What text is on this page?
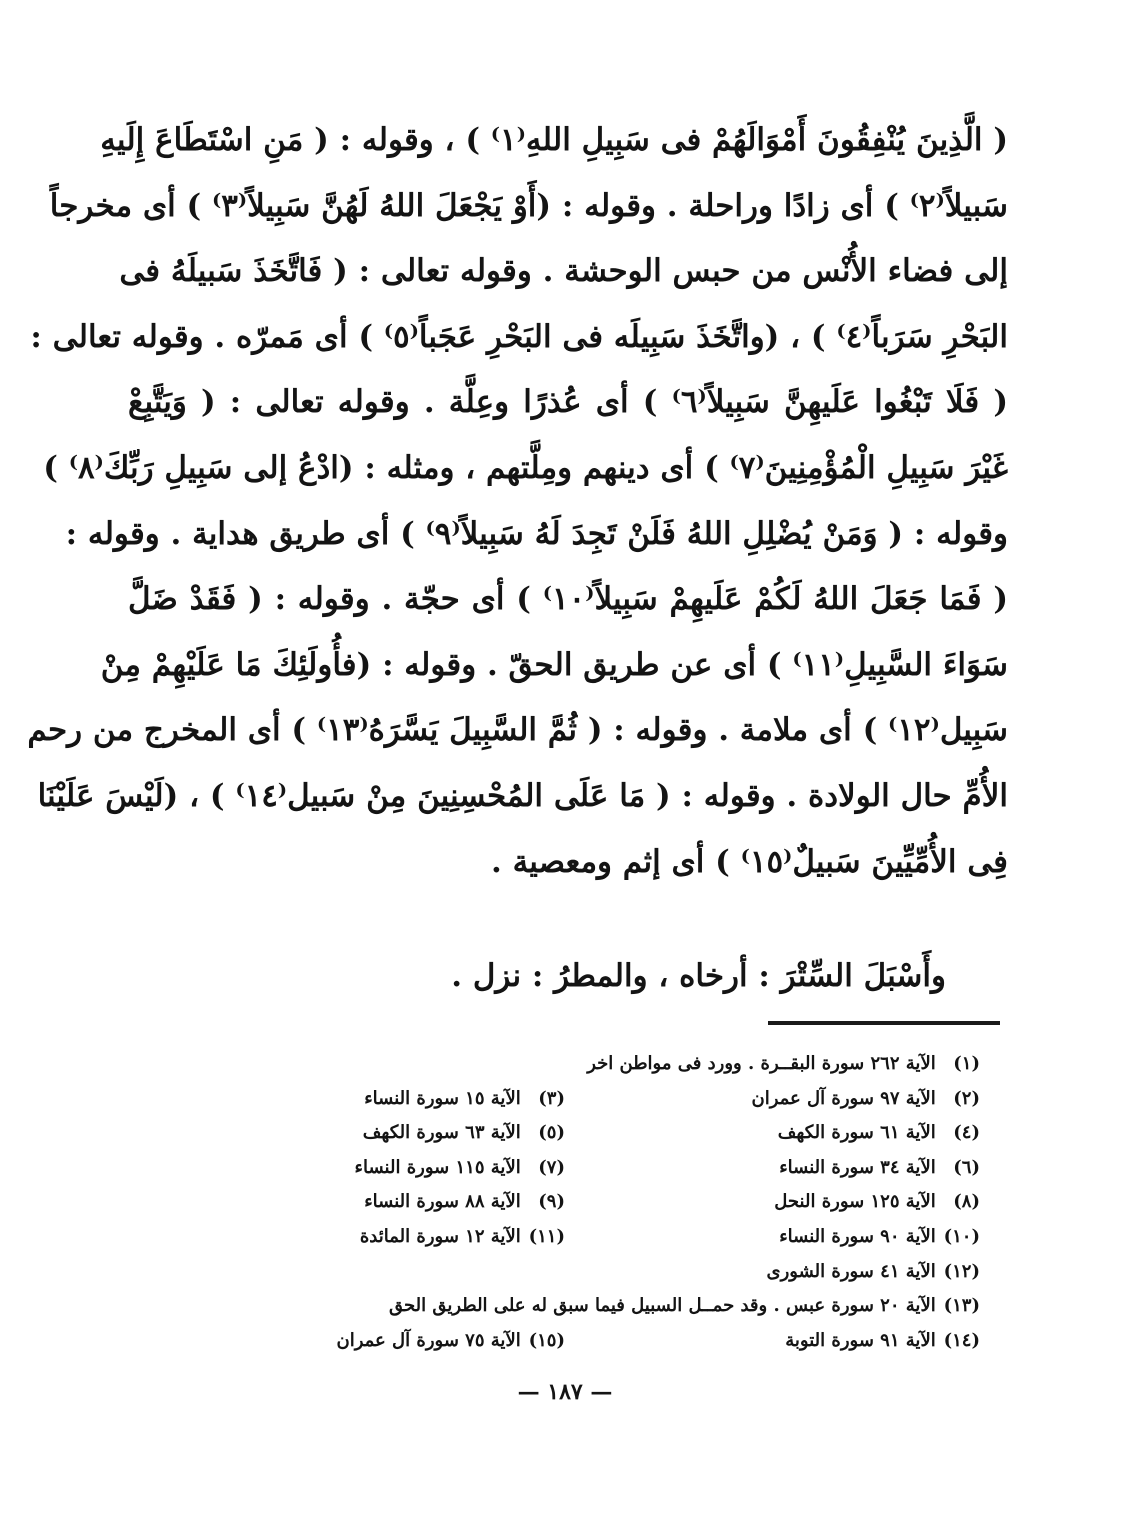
( الَّذِينَ يُنْفِقُونَ أَمْوَالَهُمْ فى سَبِيلِ اللهِ⁽١⁾ ) ، وقوله : ( مَنِ اسْتَطَاعَ إِلَيهِ
سَبيلاً⁽٢⁾ ) أى زادًا وراحلة . وقوله : (أَوْ يَجْعَلَ اللهُ لَهُنَّ سَبِيلاً⁽٣⁾ ) أى مخرجاً
إلى فضاء الأُنْس من حبس الوحشة . وقوله تعالى : ( فَاتَّخَذَ سَبيلَهُ فى
البَحْرِ سَرَباً⁽٤⁾ ) ، (واتَّخَذَ سَبِيلَه فى البَحْرِ عَجَباً⁽٥⁾ ) أى مَمرّه . وقوله تعالى :
( فَلَا تَبْغُوا عَلَيهِنَّ سَبِيلاً⁽٦⁾ ) أى عُذرًا وعِلَّة . وقوله تعالى : ( وَيَتَّبِعْ
غَيْرَ سَبِيلِ الْمُؤْمِنِينَ⁽٧⁾ ) أى دينهم ومِلَّتهم ، ومثله : (ادْعُ إلى سَبِيلِ رَبِّكَ⁽٨⁾ )
وقوله : ( وَمَنْ يُضْلِلِ اللهُ فَلَنْ تَجِدَ لَهُ سَبِيلاً⁽٩⁾ ) أى طريق هداية . وقوله :
( فَمَا جَعَلَ اللهُ لَكُمْ عَلَيهِمْ سَبِيلاً⁽١٠⁾ ) أى حجّة . وقوله : ( فَقَدْ ضَلَّ
سَوَاءَ السَّبِيلِ⁽١١⁾ ) أى عن طريق الحقّ . وقوله : (فأُولَئِكَ مَا عَلَيْهِمْ مِنْ
سَبِيل⁽١٢⁾ ) أى ملامة . وقوله : ( ثُمَّ السَّبِيلَ يَسَّرَهُ⁽١٣⁾ ) أى المخرج من رحم
الأُمِّ حال الولادة . وقوله : ( مَا عَلَى المُحْسِنِينَ مِنْ سَبيل⁽١٤⁾ ) ، (لَيْسَ عَلَيْنَا
فِى الأُمِّيِّينَ سَبيلٌ⁽١٥⁾ ) أى إثم ومعصية .
وأَسْبَلَ السِّتْرَ : أرخاه ، والمطرُ : نزل .
(١) الآية ٢٦٢ سورة البقــرة . وورد فى مواطن اخر
(٢) الآية ٩٧ سورة آل عمران
(٣) الآية ١٥ سورة النساء
(٤) الآية ٦١ سورة الكهف
(٥) الآية ٦٣ سورة الكهف
(٦) الآية ٣٤ سورة النساء
(٧) الآية ١١٥ سورة النساء
(٨) الآية ١٢٥ سورة النحل
(٩) الآية ٨٨ سورة النساء
(١٠) الآية ٩٠ سورة النساء
(١١) الآية ١٢ سورة المائدة
(١٢) الآية ٤١ سورة الشورى
(١٣) الآية ٢٠ سورة عبس . وقد حمــل السبيل فيما سبق له على الطريق الحق
(١٤) الآية ٩١ سورة التوبة
(١٥) الآية ٧٥ سورة آل عمران
— ١٨٧ —
